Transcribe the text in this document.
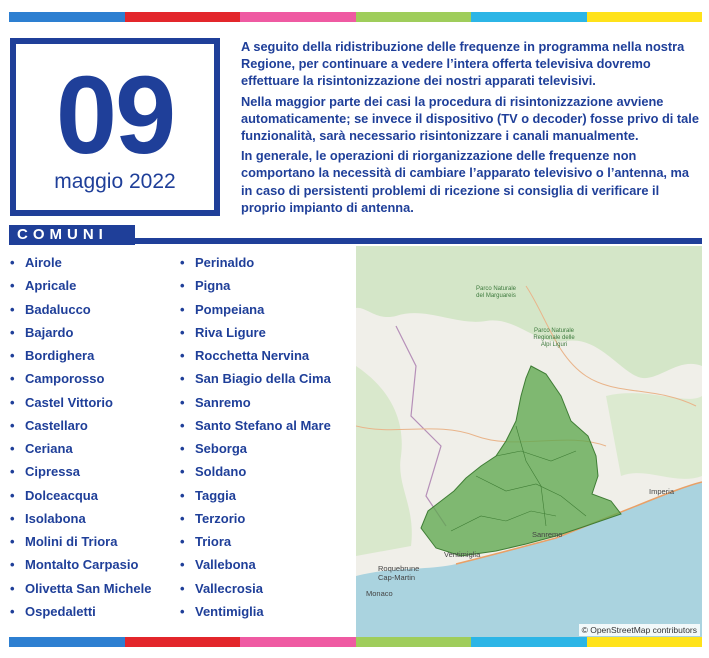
09
maggio 2022

A seguito della ridistribuzione delle frequenze in programma nella nostra Regione, per continuare a vedere l’intera offerta televisiva dovremo effettuare la risintonizzazione dei nostri apparati televisivi.

Nella maggior parte dei casi la procedura di risintonizzazione avviene automaticamente; se invece il dispositivo (TV o decoder) fosse privo di tale funzionalità, sarà necessario risintonizzare i canali manualmente.

In generale, le operazioni di riorganizzazione delle frequenze non comportano la necessità di cambiare l’apparato televisivo o l’antenna, ma in caso di persistenti problemi di ricezione si consiglia di verificare il proprio impianto di antenna.

COMUNI
• Airole
• Apricale
• Badalucco
• Bajardo
• Bordighera
• Camporosso
• Castel Vittorio
• Castellaro
• Ceriana
• Cipressa
• Dolceacqua
• Isolabona
• Molini di Triora
• Montalto Carpasio
• Olivetta San Michele
• Ospedaletti
• Perinaldo
• Pigna
• Pompeiana
• Riva Ligure
• Rocchetta Nervina
• San Biagio della Cima
• Sanremo
• Santo Stefano al Mare
• Seborga
• Soldano
• Taggia
• Terzorio
• Triora
• Vallebona
• Vallecrosia
• Ventimiglia
Parco Naturale del Marguareis
Parco Naturale Regionale delle Alpi Liguri
Imperia
Sanremo
Ventimiglia
Roquebrune Cap-Martin
Monaco
© OpenStreetMap contributors
